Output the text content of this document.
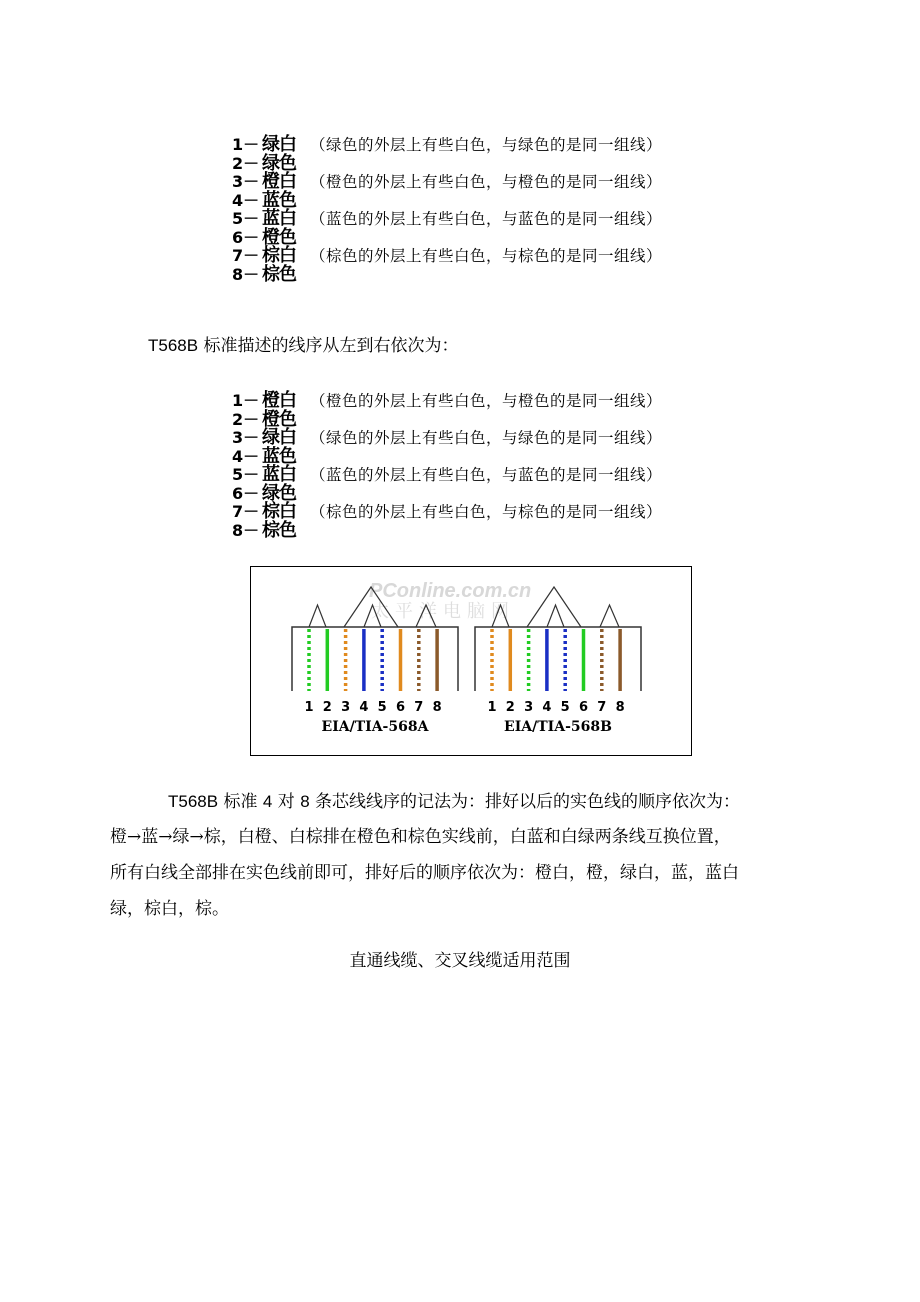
1－ 绿白 （绿色的外层上有些白色，与绿色的是同一组线）
2－ 绿色
3－ 橙白 （橙色的外层上有些白色，与橙色的是同一组线）
4－ 蓝色
5－ 蓝白 （蓝色的外层上有些白色，与蓝色的是同一组线）
6－ 橙色
7－ 棕白 （棕色的外层上有些白色，与棕色的是同一组线）
8－ 棕色
T568B 标准描述的线序从左到右依次为：
1－ 橙白 （橙色的外层上有些白色，与橙色的是同一组线）
2－ 橙色
3－ 绿白 （绿色的外层上有些白色，与绿色的是同一组线）
4－ 蓝色
5－ 蓝白 （蓝色的外层上有些白色，与蓝色的是同一组线）
6－ 绿色
7－ 棕白 （棕色的外层上有些白色，与棕色的是同一组线）
8－ 棕色
PConline.com.cn
太平洋电脑网
1 2 3 4 5 6 7 8	1 2 3 4 5 6 7 8
EIA/TIA-568A	EIA/TIA-568B
T568B 标准 4 对 8 条芯线线序的记法为：排好以后的实色线的顺序依次为：
橙→蓝→绿→棕，白橙、白棕排在橙色和棕色实线前，白蓝和白绿两条线互换位置，
所有白线全部排在实色线前即可，排好后的顺序依次为：橙白，橙，绿白，蓝，蓝白
绿，棕白，棕。
直通线缆、交叉线缆适用范围
